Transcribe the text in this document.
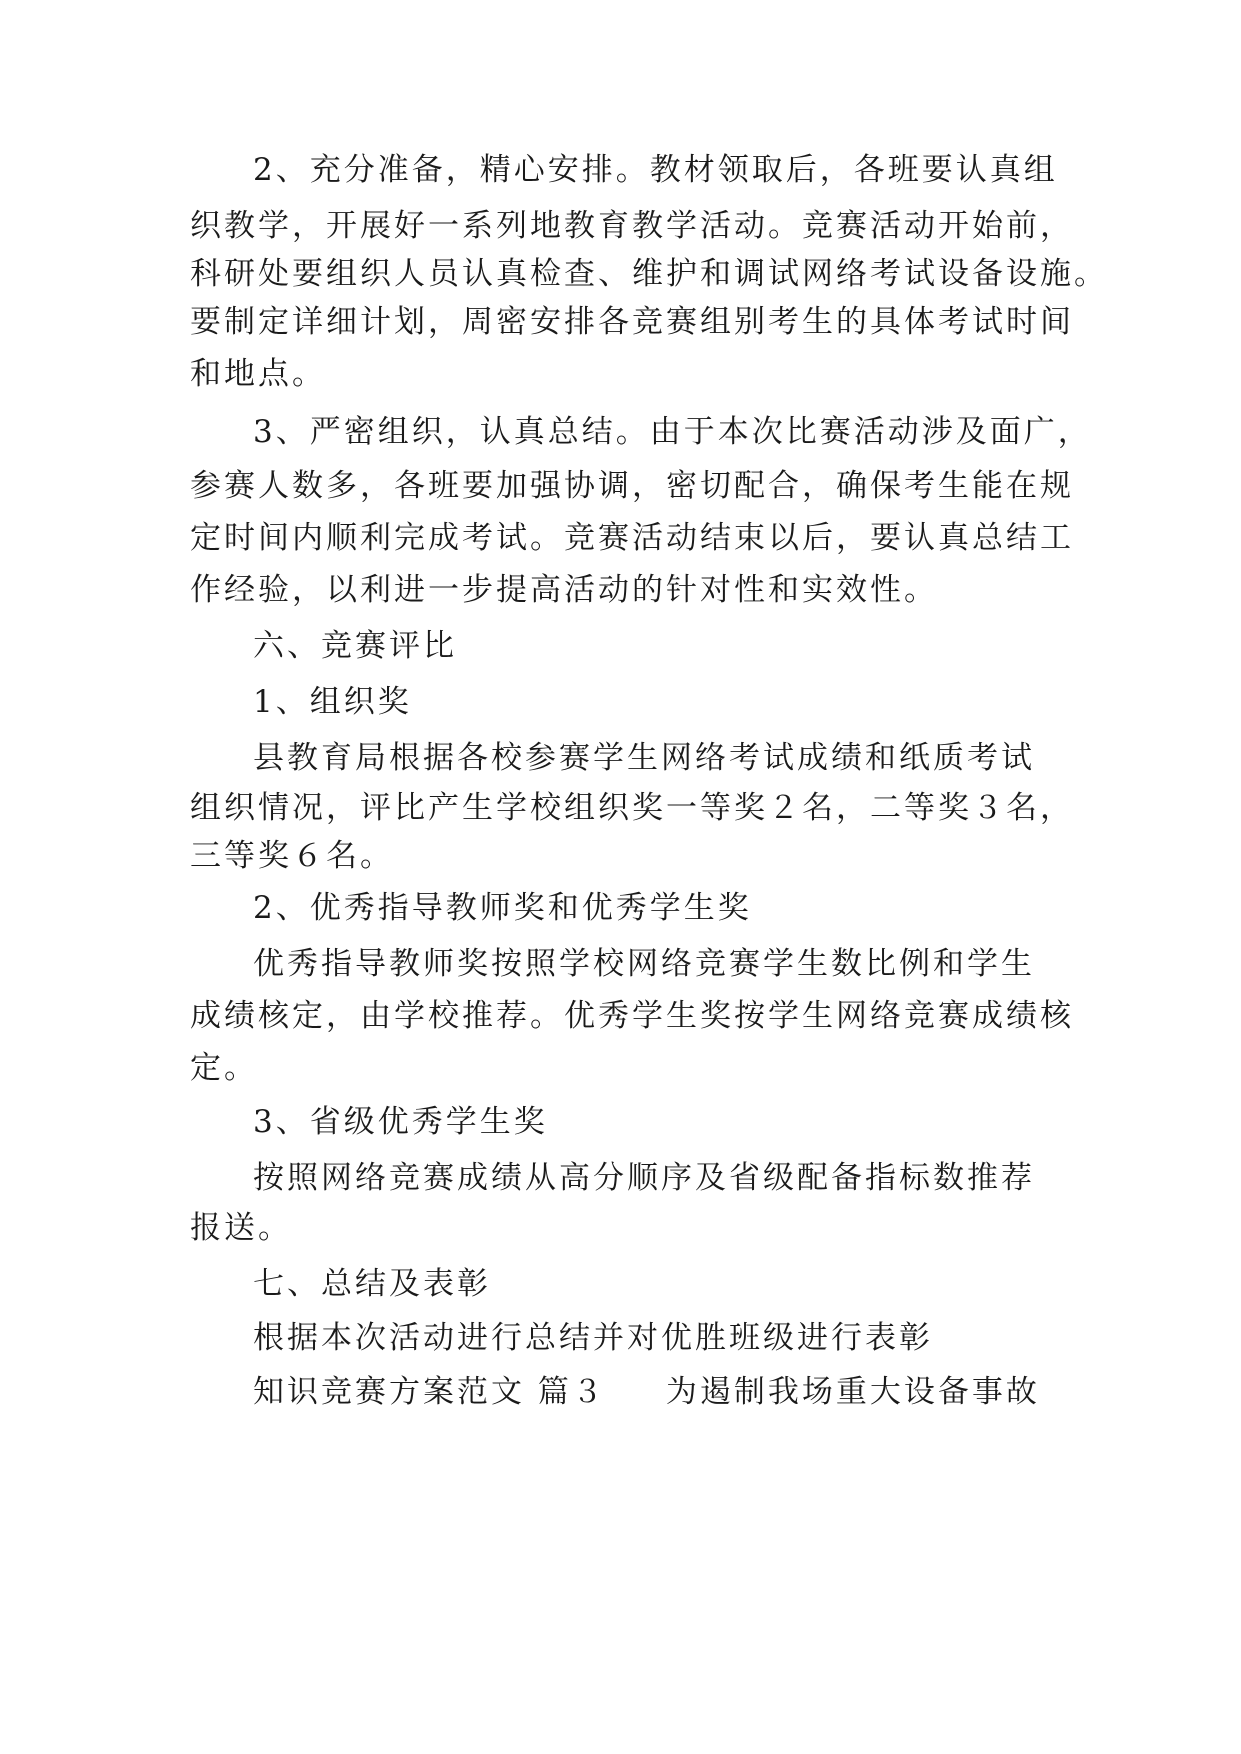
2、充分准备，精心安排。教材领取后，各班要认真组
织教学，开展好一系列地教育教学活动。竞赛活动开始前，
科研处要组织人员认真检查、维护和调试网络考试设备设施。
要制定详细计划，周密安排各竞赛组别考生的具体考试时间
和地点。
3、严密组织，认真总结。由于本次比赛活动涉及面广，
参赛人数多，各班要加强协调，密切配合，确保考生能在规
定时间内顺利完成考试。竞赛活动结束以后，要认真总结工
作经验，以利进一步提高活动的针对性和实效性。
六、竞赛评比
1、组织奖
县教育局根据各校参赛学生网络考试成绩和纸质考试
组织情况，评比产生学校组织奖一等奖２名，二等奖３名，
三等奖６名。
2、优秀指导教师奖和优秀学生奖
优秀指导教师奖按照学校网络竞赛学生数比例和学生
成绩核定，由学校推荐。优秀学生奖按学生网络竞赛成绩核
定。
3、省级优秀学生奖
按照网络竞赛成绩从高分顺序及省级配备指标数推荐
报送。
七、总结及表彰
根据本次活动进行总结并对优胜班级进行表彰
知识竞赛方案范文 篇３ 为遏制我场重大设备事故
